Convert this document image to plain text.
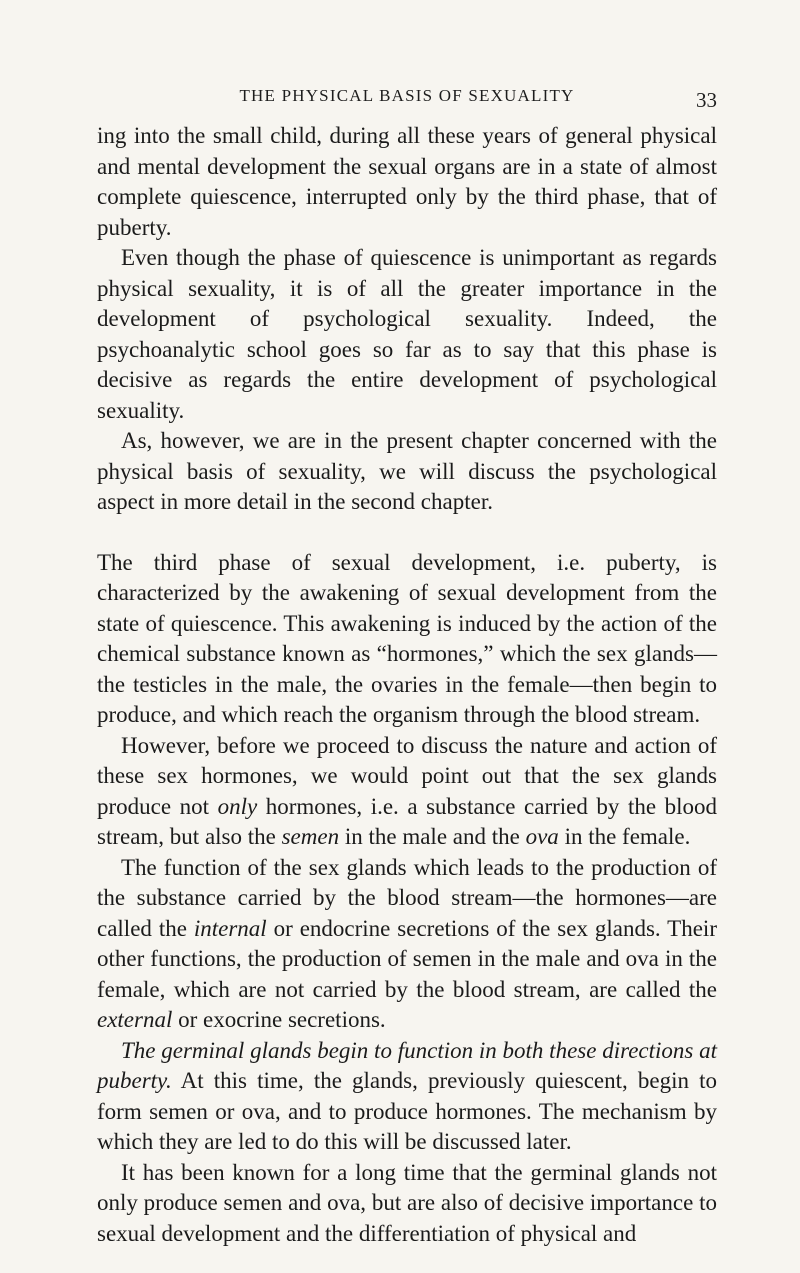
THE PHYSICAL BASIS OF SEXUALITY	33

ing into the small child, during all these years of general physical and mental development the sexual organs are in a state of almost complete quiescence, interrupted only by the third phase, that of puberty.

Even though the phase of quiescence is unimportant as regards physical sexuality, it is of all the greater importance in the development of psychological sexuality. Indeed, the psychoanalytic school goes so far as to say that this phase is decisive as regards the entire development of psychological sexuality.

As, however, we are in the present chapter concerned with the physical basis of sexuality, we will discuss the psychological aspect in more detail in the second chapter.

The third phase of sexual development, i.e. puberty, is characterized by the awakening of sexual development from the state of quiescence. This awakening is induced by the action of the chemical substance known as “hormones,” which the sex glands—the testicles in the male, the ovaries in the female—then begin to produce, and which reach the organism through the blood stream.

However, before we proceed to discuss the nature and action of these sex hormones, we would point out that the sex glands produce not only hormones, i.e. a substance carried by the blood stream, but also the semen in the male and the ova in the female.

The function of the sex glands which leads to the production of the substance carried by the blood stream—the hormones—are called the internal or endocrine secretions of the sex glands. Their other functions, the production of semen in the male and ova in the female, which are not carried by the blood stream, are called the external or exocrine secretions.

The germinal glands begin to function in both these directions at puberty. At this time, the glands, previously quiescent, begin to form semen or ova, and to produce hormones. The mechanism by which they are led to do this will be discussed later.

It has been known for a long time that the germinal glands not only produce semen and ova, but are also of decisive importance to sexual development and the differentiation of physical and
